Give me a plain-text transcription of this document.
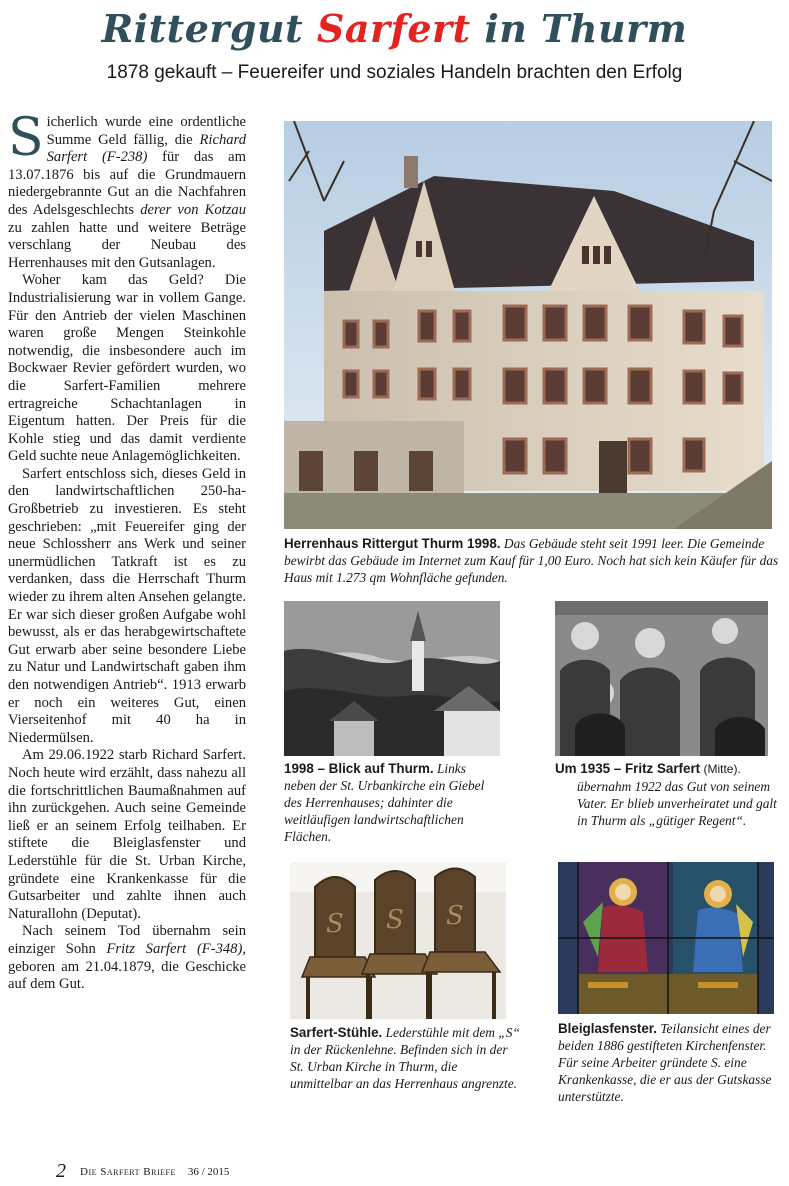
Rittergut Sarfert in Thurm
1878 gekauft – Feuereifer und soziales Handeln brachten den Erfolg

Sicherlich wurde eine ordentliche Summe Geld fällig, die Richard Sarfert (F-238) für das am 13.07.1876 bis auf die Grundmauern niedergebrannte Gut an die Nachfahren des Adelsgeschlechts derer von Kotzau zu zahlen hatte und weitere Beträge verschlang der Neubau des Herrenhauses mit den Gutsanlagen.

Woher kam das Geld? Die Industrialisierung war in vollem Gange. Für den Antrieb der vielen Maschinen waren große Mengen Steinkohle notwendig, die insbesondere auch im Bockwaer Revier gefördert wurden, wo die Sarfert-Familien mehrere ertragreiche Schachtanlagen in Eigentum hatten. Der Preis für die Kohle stieg und das damit verdiente Geld suchte neue Anlagemöglichkeiten.

Sarfert entschloss sich, dieses Geld in den landwirtschaftlichen 250-ha-Großbetrieb zu investieren. Es steht geschrieben: „mit Feuereifer ging der neue Schlossherr ans Werk und seiner unermüdlichen Tatkraft ist es zu verdanken, dass die Herrschaft Thurm wieder zu ihrem alten Ansehen gelangte. Er war sich dieser großen Aufgabe wohl bewusst, als er das herabgewirtschaftete Gut erwarb aber seine besondere Liebe zu Natur und Landwirtschaft gaben ihm den notwendigen Antrieb“. 1913 erwarb er noch ein weiteres Gut, einen Vierseitenhof mit 40 ha in Niedermülsen.

Am 29.06.1922 starb Richard Sarfert. Noch heute wird erzählt, dass nahezu all die fortschrittlichen Baumaßnahmen auf ihn zurückgehen. Auch seine Gemeinde ließ er an seinem Erfolg teilhaben. Er stiftete die Bleiglasfenster und Lederstühle für die St. Urban Kirche, gründete eine Krankenkasse für die Gutsarbeiter und zahlte ihnen auch Naturallohn (Deputat).

Nach seinem Tod übernahm sein einziger Sohn Fritz Sarfert (F-348), geboren am 21.04.1879, die Geschicke auf dem Gut.

Herrenhaus Rittergut Thurm 1998. Das Gebäude steht seit 1991 leer. Die Gemeinde bewirbt das Gebäude im Internet zum Kauf für 1,00 Euro. Noch hat sich kein Käufer für das Haus mit 1.273 qm Wohnfläche gefunden.
1998 – Blick auf Thurm. Links neben der St. Urbankirche ein Giebel des Herrenhauses; dahinter die weitläufigen landwirtschaftlichen Flächen.
Um 1935 – Fritz Sarfert (Mitte).
übernahm 1922 das Gut von seinem Vater. Er blieb unverheiratet und galt in Thurm als „gütiger Regent“.
S S S
Sarfert-Stühle. Lederstühle mit dem „S“ in der Rückenlehne. Befinden sich in der St. Urban Kirche in Thurm, die unmittelbar an das Herrenhaus angrenzte.
Bleiglasfenster. Teilansicht eines der beiden 1886 gestifteten Kirchenfenster. Für seine Arbeiter gründete S. eine Krankenkasse, die er aus der Gutskasse unterstützte.
2 Die Sarfert Briefe 36 / 2015
